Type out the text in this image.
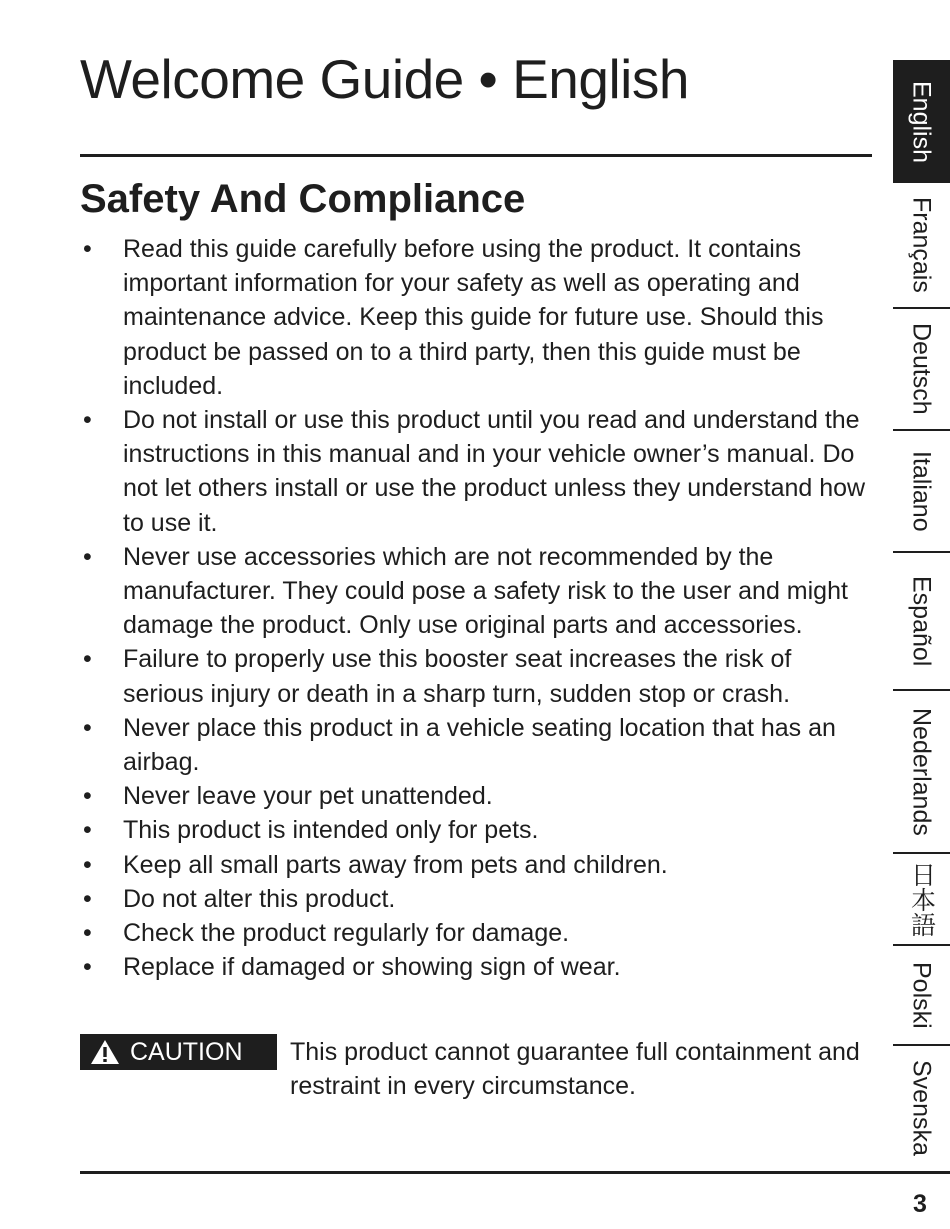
Welcome Guide • English
Safety And Compliance
• Read this guide carefully before using the product. It contains important information for your safety as well as operating and maintenance advice. Keep this guide for future use. Should this product be passed on to a third party, then this guide must be included.
• Do not install or use this product until you read and understand the instructions in this manual and in your vehicle owner’s manual. Do not let others install or use the product unless they understand how to use it.
• Never use accessories which are not recommended by the manufacturer. They could pose a safety risk to the user and might damage the product. Only use original parts and accessories.
• Failure to properly use this booster seat increases the risk of serious injury or death in a sharp turn, sudden stop or crash.
• Never place this product in a vehicle seating location that has an airbag.
• Never leave your pet unattended.
• This product is intended only for pets.
• Keep all small parts away from pets and children.
• Do not alter this product.
• Check the product regularly for damage.
• Replace if damaged or showing sign of wear.
CAUTION This product cannot guarantee full containment and restraint in every circumstance.

3
English
Français
Deutsch
Italiano
Español
Nederlands
日本語
Polski
Svenska
